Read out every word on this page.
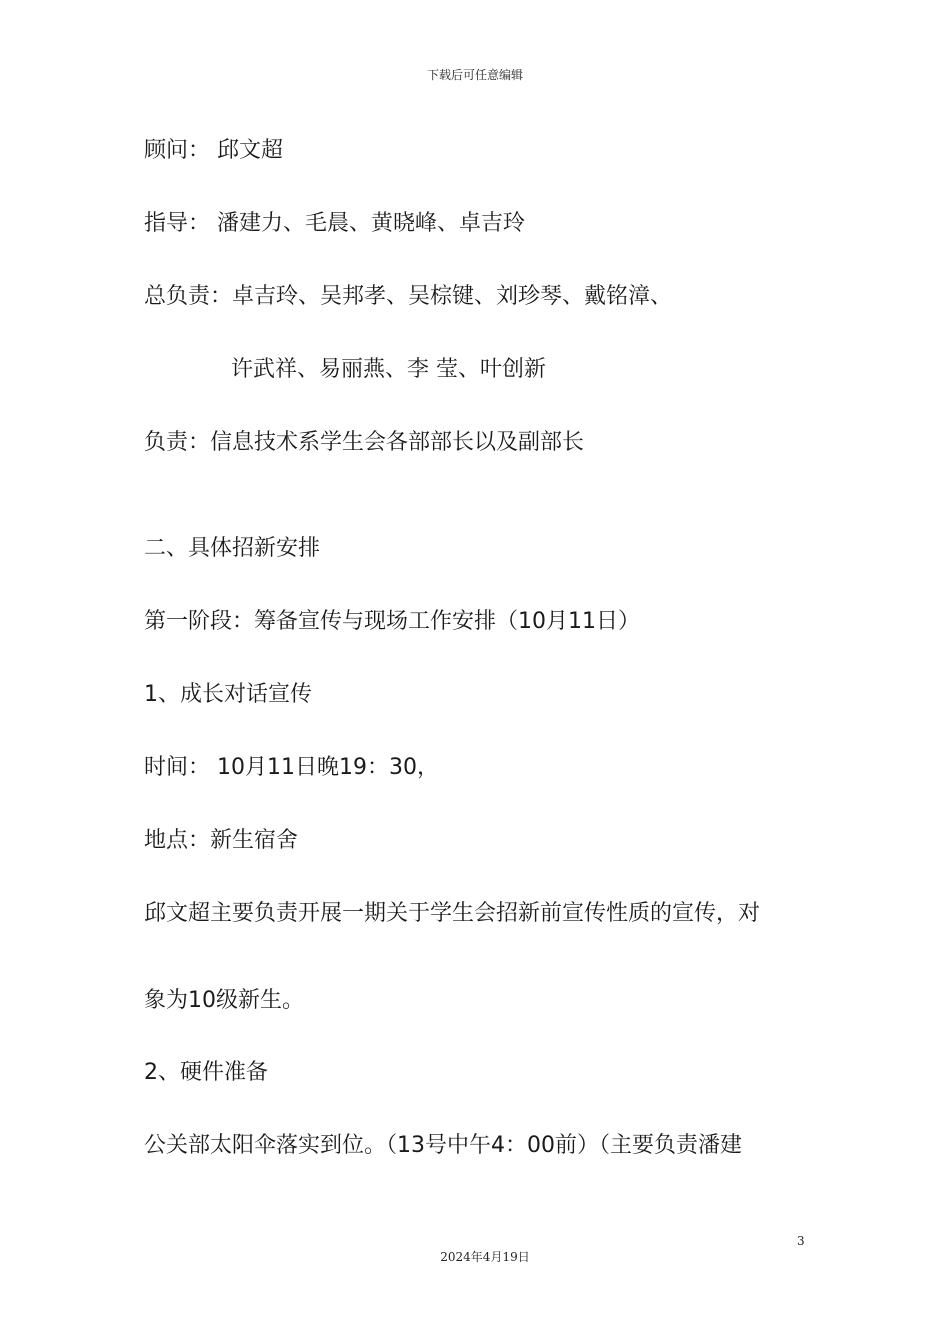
下载后可任意编辑
顾问： 邱文超
指导： 潘建力、毛晨、黄晓峰、卓吉玲
总负责：卓吉玲、吴邦孝、吴棕键、刘珍琴、戴铭漳、
许武祥、易丽燕、李 莹、叶创新
负责：信息技术系学生会各部部长以及副部长
二、具体招新安排
第一阶段：筹备宣传与现场工作安排（10月11日）
1、成长对话宣传
时间： 10月11日晚19：30，
地点：新生宿舍
邱文超主要负责开展一期关于学生会招新前宣传性质的宣传，对
象为10级新生。
2、硬件准备
公关部太阳伞落实到位。（13号中午4：00前）（主要负责潘建
3
2024年4月19日
